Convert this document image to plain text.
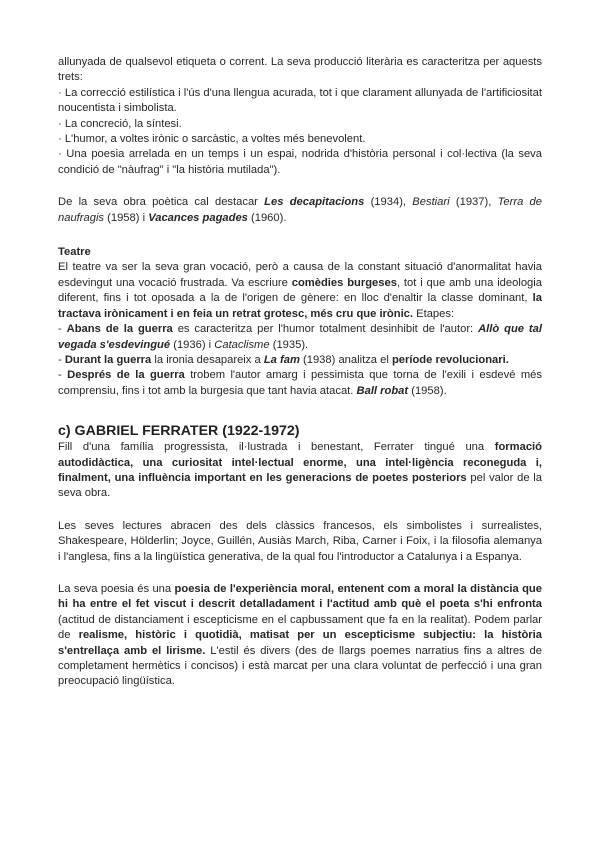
allunyada de qualsevol etiqueta o corrent. La seva producció literària es caracteritza per aquests trets:

· La correcció estilística i l'ús d'una llengua acurada, tot i que clarament allunyada de l'artificiositat noucentista i simbolista.

· La concreció, la síntesi.

· L'humor, a voltes irònic o sarcàstic, a voltes més benevolent.

· Una poesia arrelada en un temps i un espai, nodrida d'història personal i col·lectiva (la seva condició de "nàufrag" i "la història mutilada").

De la seva obra poètica cal destacar Les decapitacions (1934), Bestiari (1937), Terra de naufragis (1958) i Vacances pagades (1960).

Teatre

El teatre va ser la seva gran vocació, però a causa de la constant situació d'anormalitat havia esdevingut una vocació frustrada. Va escriure comèdies burgeses, tot i que amb una ideologia diferent, fins i tot oposada a la de l'origen de gènere: en lloc d'enaltir la classe dominant, la tractava irònicament i en feia un retrat grotesc, més cru que irònic. Etapes:

- Abans de la guerra es caracteritza per l'humor totalment desinhibit de l'autor: Allò que tal vegada s'esdevingué (1936) i Cataclisme (1935).

- Durant la guerra la ironia desapareix a La fam (1938) analitza el període revolucionari.

- Després de la guerra trobem l'autor amarg i pessimista que torna de l'exili i esdevé més comprensiu, fins i tot amb la burgesia que tant havia atacat. Ball robat (1958).

c) GABRIEL FERRATER (1922-1972)

Fill d'una família progressista, il·lustrada i benestant, Ferrater tingué una formació autodidàctica, una curiositat intel·lectual enorme, una intel·ligència reconeguda i, finalment, una influència important en les generacions de poetes posteriors pel valor de la seva obra.

Les seves lectures abracen des dels clàssics francesos, els simbolistes i surrealistes, Shakespeare, Hölderlin; Joyce, Guillén, Ausiàs March, Riba, Carner i Foix, i la filosofia alemanya i l'anglesa, fins a la lingüística generativa, de la qual fou l'introductor a Catalunya i a Espanya.

La seva poesia és una poesia de l'experiència moral, entenent com a moral la distància que hi ha entre el fet viscut i descrit detalladament i l'actitud amb què el poeta s'hi enfronta (actitud de distanciament i escepticisme en el capbussament que fa en la realitat). Podem parlar de realisme, històric i quotidià, matisat per un escepticisme subjectiu: la història s'entrellaça amb el lirisme. L'estil és divers (des de llargs poemes narratius fins a altres de completament hermètics i concisos) i està marcat per una clara voluntat de perfecció i una gran preocupació lingüística.
